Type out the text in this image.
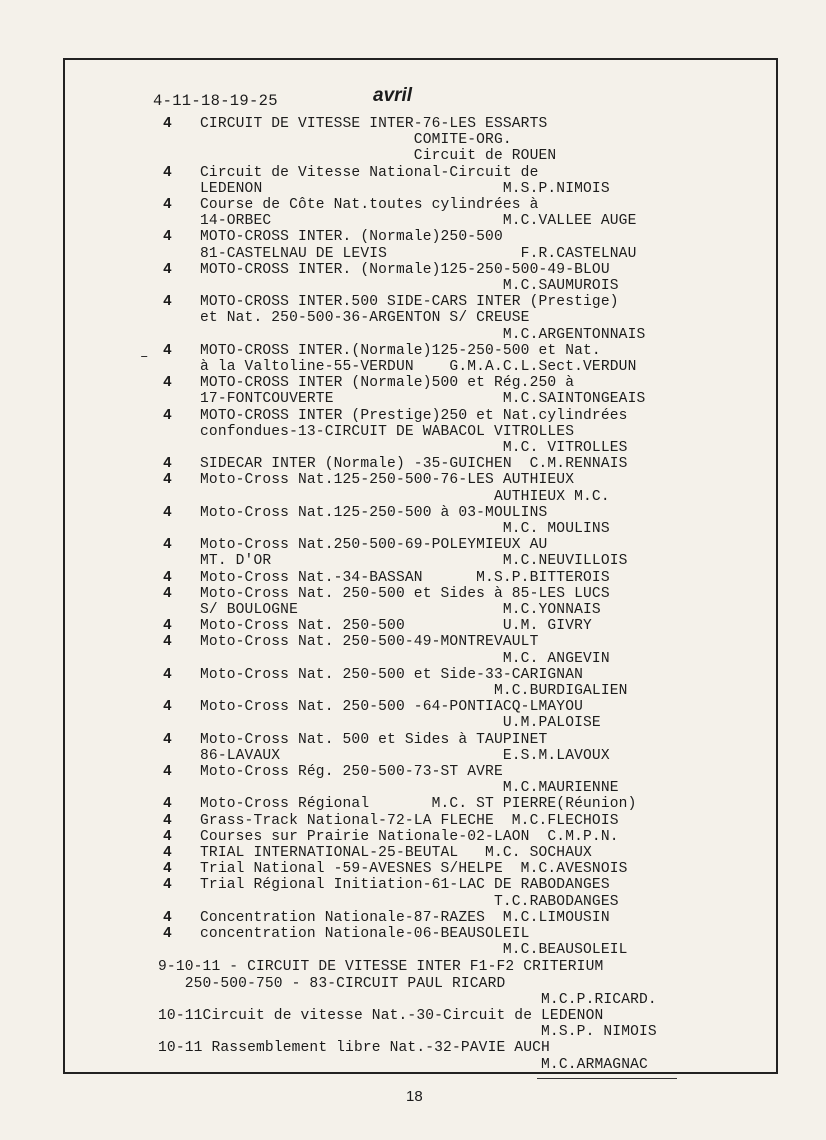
4-11-18-19-25	avril
4 CIRCUIT DE VITESSE INTER-76-LES ESSARTS
COMITE-ORG.
Circuit de ROUEN
4 Circuit de Vitesse National-Circuit de
LEDENON                           M.S.P.NIMOIS
4 Course de Côte Nat.toutes cylindrées à
14-ORBEC                          M.C.VALLEE AUGE
4 MOTO-CROSS INTER. (Normale)250-500
81-CASTELNAU DE LEVIS               F.R.CASTELNAU
4 MOTO-CROSS INTER. (Normale)125-250-500-49-BLOU
M.C.SAUMUROIS
4 MOTO-CROSS INTER.500 SIDE-CARS INTER (Prestige)
et Nat. 250-500-36-ARGENTON S/ CREUSE
M.C.ARGENTONNAIS
4 MOTO-CROSS INTER.(Normale)125-250-500 et Nat.
à la Valtoline-55-VERDUN    G.M.A.C.L.Sect.VERDUN
4 MOTO-CROSS INTER (Normale)500 et Rég.250 à
17-FONTCOUVERTE                   M.C.SAINTONGEAIS
4 MOTO-CROSS INTER (Prestige)250 et Nat.cylindrées
confondues-13-CIRCUIT DE WABACOL VITROLLES
M.C. VITROLLES
4 SIDECAR INTER (Normale) -35-GUICHEN  C.M.RENNAIS
4 Moto-Cross Nat.125-250-500-76-LES AUTHIEUX
AUTHIEUX M.C.
4 Moto-Cross Nat.125-250-500 à 03-MOULINS
M.C. MOULINS
4 Moto-Cross Nat.250-500-69-POLEYMIEUX AU
MT. D'OR                          M.C.NEUVILLOIS
4 Moto-Cross Nat.-34-BASSAN      M.S.P.BITTEROIS
4 Moto-Cross Nat. 250-500 et Sides à 85-LES LUCS
S/ BOULOGNE                       M.C.YONNAIS
4 Moto-Cross Nat. 250-500           U.M. GIVRY
4 Moto-Cross Nat. 250-500-49-MONTREVAULT
M.C. ANGEVIN
4 Moto-Cross Nat. 250-500 et Side-33-CARIGNAN
M.C.BURDIGALIEN
4 Moto-Cross Nat. 250-500 -64-PONTIACQ-LMAYOU
U.M.PALOISE
4 Moto-Cross Nat. 500 et Sides à TAUPINET
86-LAVAUX                         E.S.M.LAVOUX
4 Moto-Cross Rég. 250-500-73-ST AVRE
M.C.MAURIENNE
4 Moto-Cross Régional       M.C. ST PIERRE(Réunion)
4 Grass-Track National-72-LA FLECHE  M.C.FLECHOIS
4 Courses sur Prairie Nationale-02-LAON  C.M.P.N.
4 TRIAL INTERNATIONAL-25-BEUTAL   M.C. SOCHAUX
4 Trial National -59-AVESNES S/HELPE  M.C.AVESNOIS
4 Trial Régional Initiation-61-LAC DE RABODANGES
T.C.RABODANGES
4 Concentration Nationale-87-RAZES  M.C.LIMOUSIN
4 concentration Nationale-06-BEAUSOLEIL
M.C.BEAUSOLEIL
9-10-11 - CIRCUIT DE VITESSE INTER F1-F2 CRITERIUM
250-500-750 - 83-CIRCUIT PAUL RICARD
M.C.P.RICARD.
10-11Circuit de vitesse Nat.-30-Circuit de LEDENON
M.S.P. NIMOIS
10-11 Rassemblement libre Nat.-32-PAVIE AUCH
M.C.ARMAGNAC
–
18
